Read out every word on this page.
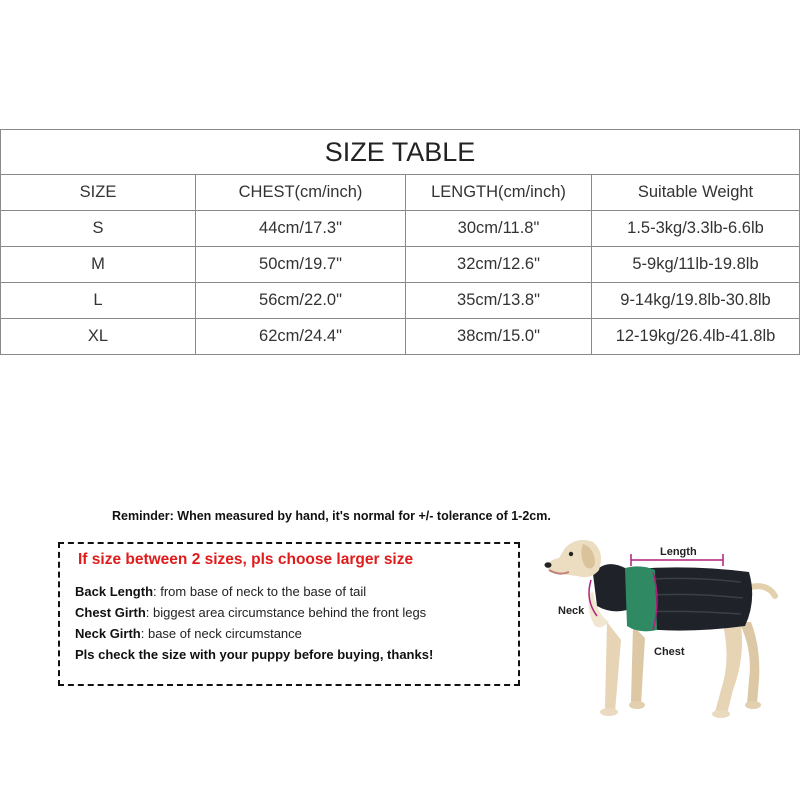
SIZE TABLE			
SIZE	CHEST(cm/inch)	LENGTH(cm/inch)	Suitable Weight
S	44cm/17.3"	30cm/11.8"	1.5-3kg/3.3lb-6.6lb
M	50cm/19.7"	32cm/12.6"	5-9kg/11lb-19.8lb
L	56cm/22.0"	35cm/13.8"	9-14kg/19.8lb-30.8lb
XL	62cm/24.4"	38cm/15.0"	12-19kg/26.4lb-41.8lb
Reminder: When measured by hand, it's normal for +/- tolerance of 1-2cm.
If size between 2 sizes, pls choose larger size
Back Length: from base of neck to the base of tail
Chest Girth: biggest area circumstance behind the front legs
Neck Girth: base of neck circumstance
Pls check the size with your puppy before buying, thanks!
Length
Neck
Chest
